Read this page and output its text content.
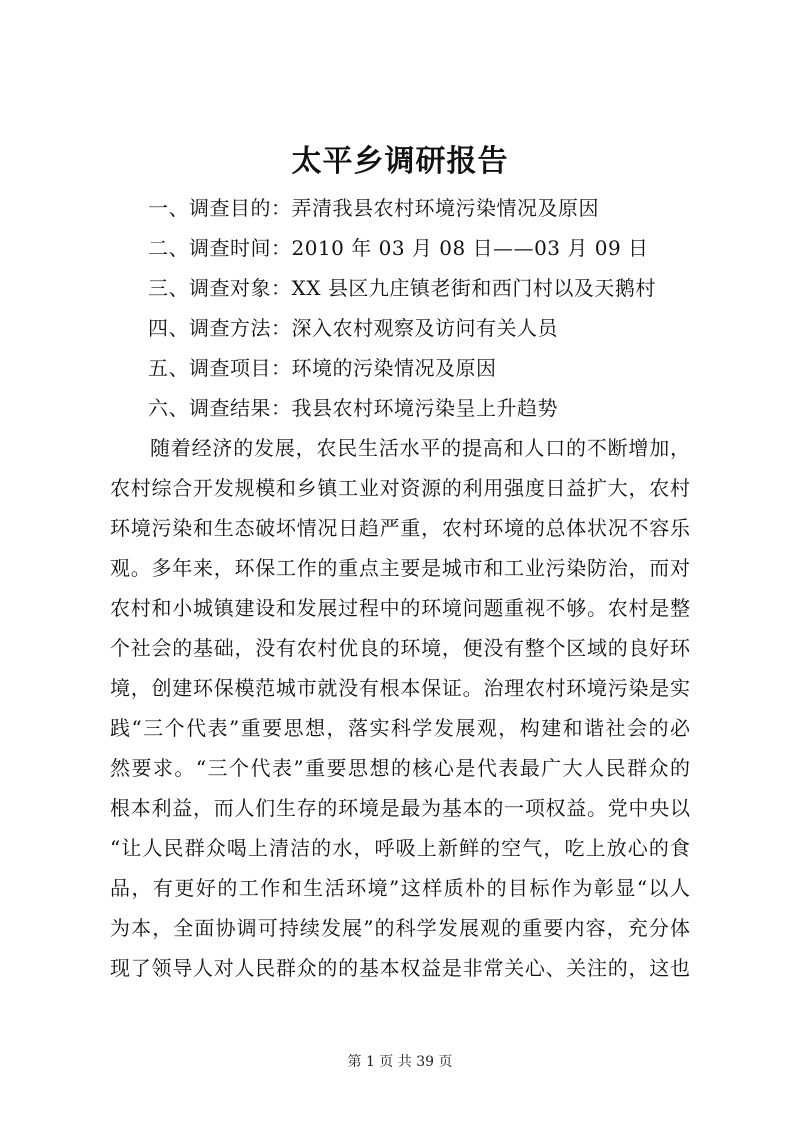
太平乡调研报告
一、调查目的：弄清我县农村环境污染情况及原因
二、调查时间：2010 年 03 月 08 日——03 月 09 日
三、调查对象：XX 县区九庄镇老街和西门村以及天鹅村
四、调查方法：深入农村观察及访问有关人员
五、调查项目：环境的污染情况及原因
六、调查结果：我县农村环境污染呈上升趋势
随着经济的发展，农民生活水平的提高和人口的不断增加，
农村综合开发规模和乡镇工业对资源的利用强度日益扩大，农村
环境污染和生态破坏情况日趋严重，农村环境的总体状况不容乐
观。多年来，环保工作的重点主要是城市和工业污染防治，而对
农村和小城镇建设和发展过程中的环境问题重视不够。农村是整
个社会的基础，没有农村优良的环境，便没有整个区域的良好环
境，创建环保模范城市就没有根本保证。治理农村环境污染是实
践“三个代表”重要思想，落实科学发展观，构建和谐社会的必
然要求。“三个代表”重要思想的核心是代表最广大人民群众的
根本利益，而人们生存的环境是最为基本的一项权益。党中央以
“让人民群众喝上清洁的水，呼吸上新鲜的空气，吃上放心的食
品，有更好的工作和生活环境”这样质朴的目标作为彰显“以人
为本，全面协调可持续发展”的科学发展观的重要内容，充分体
现了领导人对人民群众的的基本权益是非常关心、关注的，这也
第 1 页 共 39 页
